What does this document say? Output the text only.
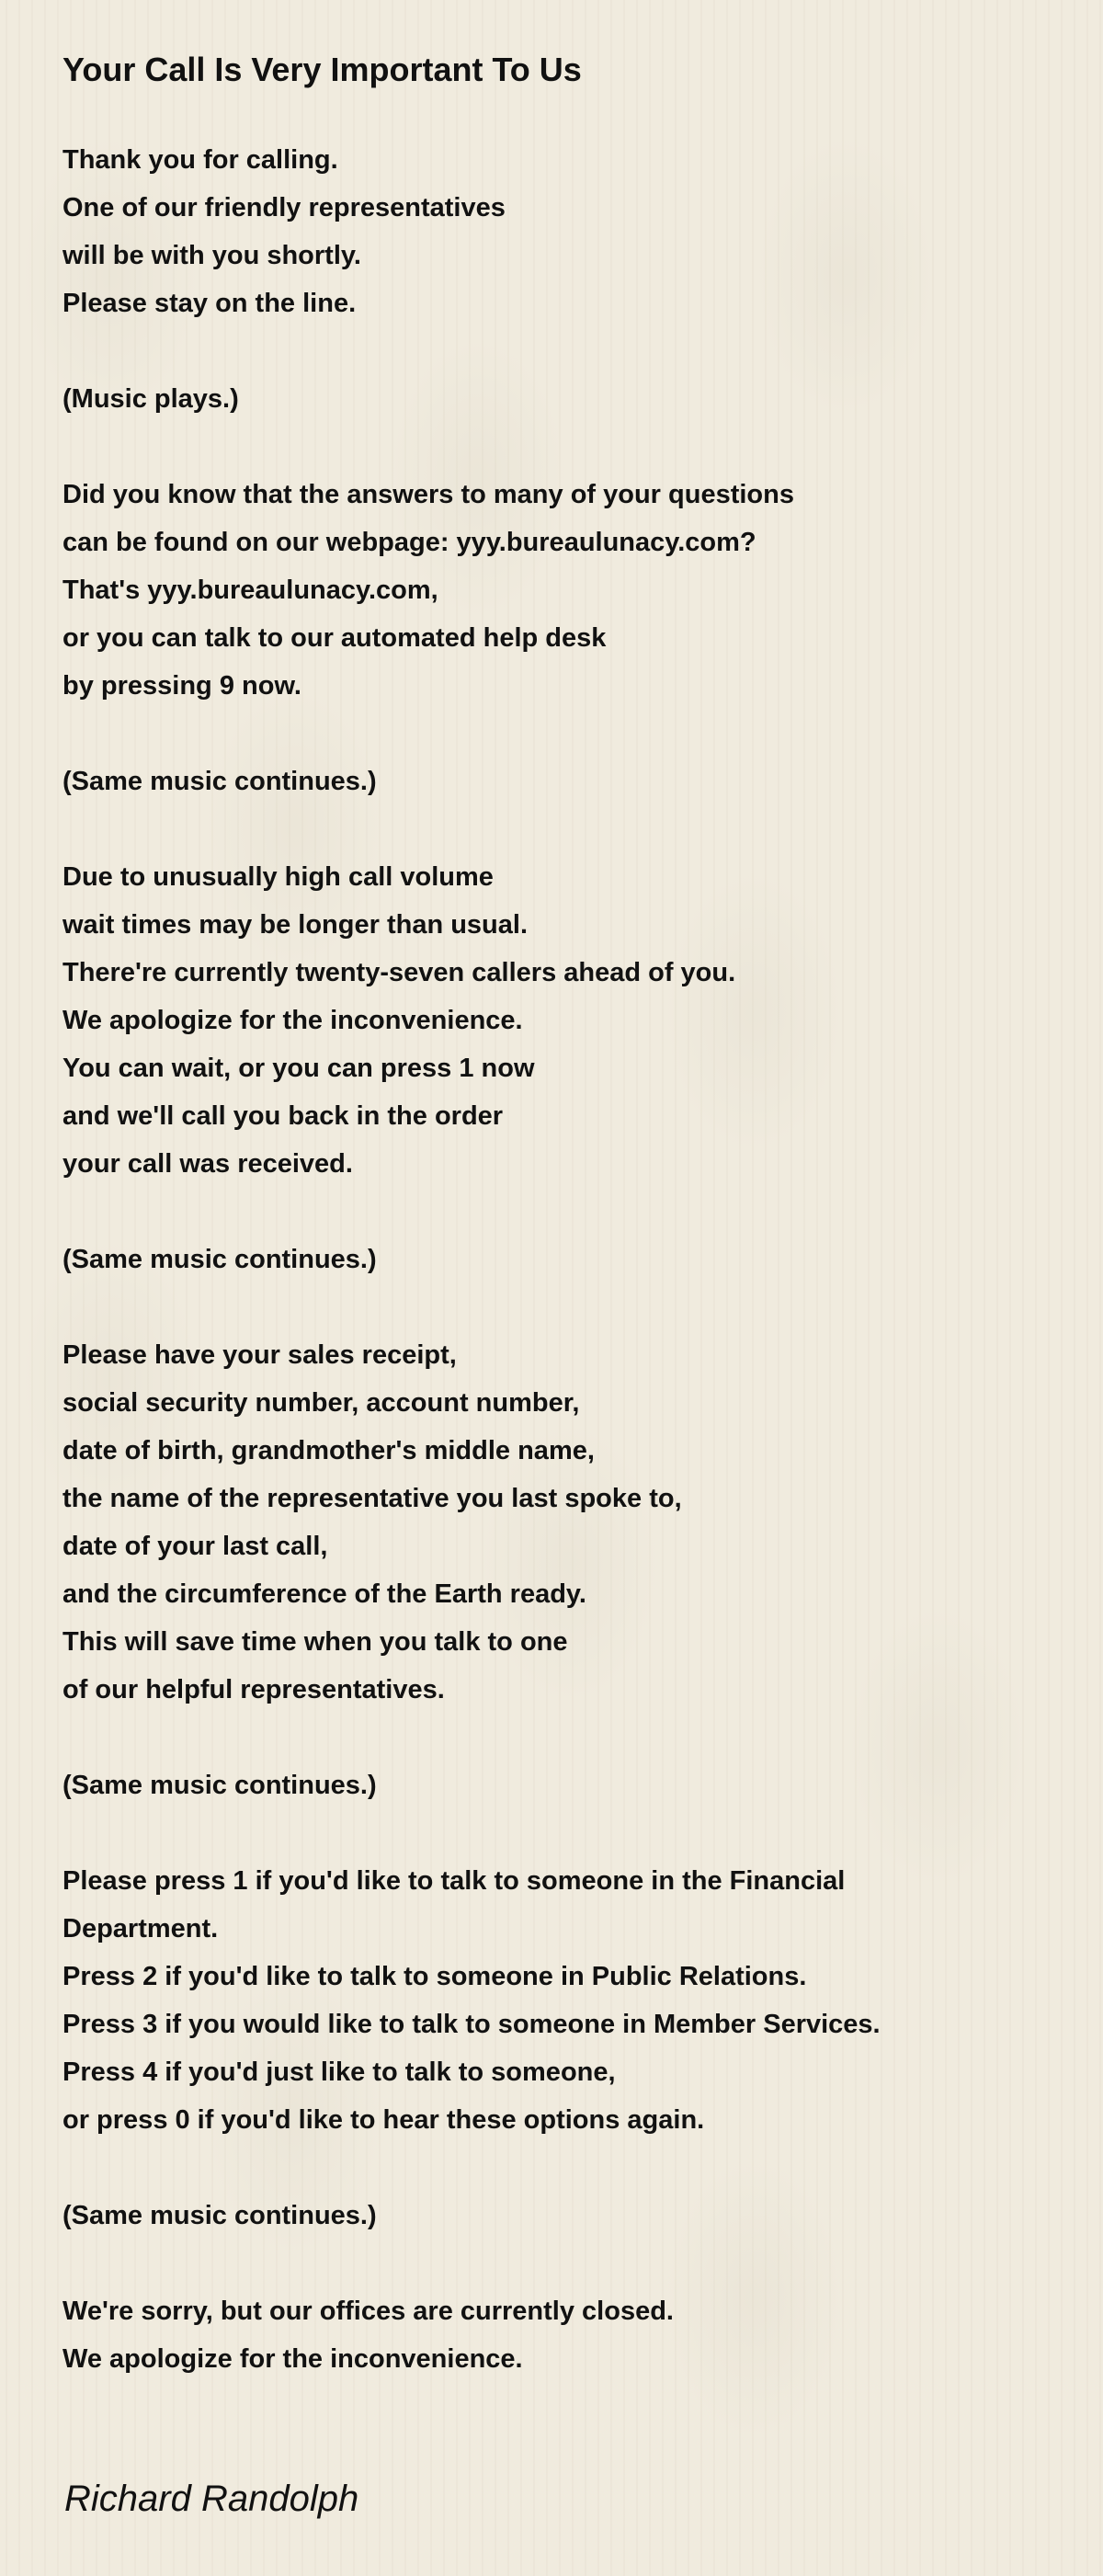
Your Call Is Very Important To Us
Thank you for calling.
One of our friendly representatives
will be with you shortly.
Please stay on the line.
(Music plays.)
Did you know that the answers to many of your questions
can be found on our webpage: yyy.bureaulunacy.com?
That's yyy.bureaulunacy.com,
or you can talk to our automated help desk
by pressing 9 now.
(Same music continues.)
Due to unusually high call volume
wait times may be longer than usual.
There're currently twenty-seven callers ahead of you.
We apologize for the inconvenience.
You can wait, or you can press 1 now
and we'll call you back in the order
your call was received.
(Same music continues.)
Please have your sales receipt,
social security number, account number,
date of birth, grandmother's middle name,
the name of the representative you last spoke to,
date of your last call,
and the circumference of the Earth ready.
This will save time when you talk to one
of our helpful representatives.
(Same music continues.)
Please press 1 if you'd like to talk to someone in the Financial
Department.
Press 2 if you'd like to talk to someone in Public Relations.
Press 3 if you would like to talk to someone in Member Services.
Press 4 if you'd just like to talk to someone,
or press 0 if you'd like to hear these options again.
(Same music continues.)
We're sorry, but our offices are currently closed.
We apologize for the inconvenience.
Richard Randolph
